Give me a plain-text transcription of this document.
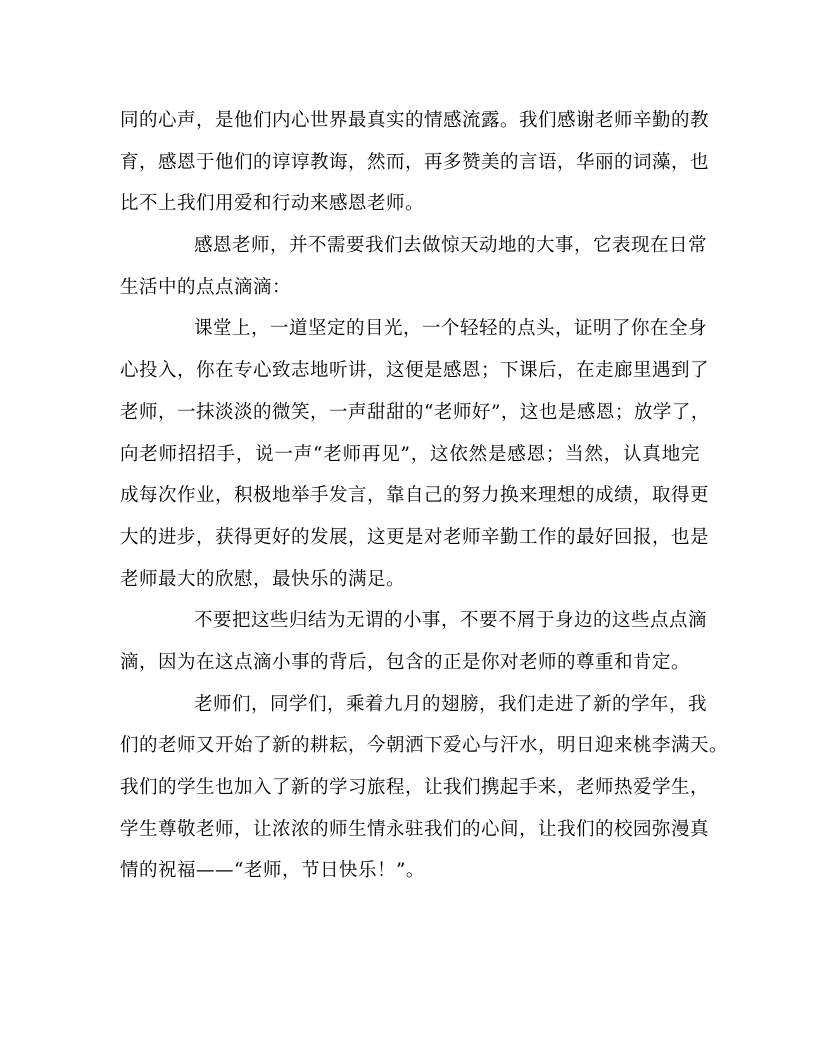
同的心声，是他们内心世界最真实的情感流露。我们感谢老师辛勤的教
育，感恩于他们的谆谆教诲，然而，再多赞美的言语，华丽的词藻，也
比不上我们用爱和行动来感恩老师。
感恩老师，并不需要我们去做惊天动地的大事，它表现在日常
生活中的点点滴滴：
课堂上，一道坚定的目光，一个轻轻的点头，证明了你在全身
心投入，你在专心致志地听讲，这便是感恩；下课后，在走廊里遇到了
老师，一抹淡淡的微笑，一声甜甜的“老师好”，这也是感恩；放学了，
向老师招招手，说一声“老师再见”，这依然是感恩；当然，认真地完
成每次作业，积极地举手发言，靠自己的努力换来理想的成绩，取得更
大的进步，获得更好的发展，这更是对老师辛勤工作的最好回报，也是
老师最大的欣慰，最快乐的满足。
不要把这些归结为无谓的小事，不要不屑于身边的这些点点滴
滴，因为在这点滴小事的背后，包含的正是你对老师的尊重和肯定。
老师们，同学们，乘着九月的翅膀，我们走进了新的学年，我
们的老师又开始了新的耕耘，今朝洒下爱心与汗水，明日迎来桃李满天。
我们的学生也加入了新的学习旅程，让我们携起手来，老师热爱学生，
学生尊敬老师，让浓浓的师生情永驻我们的心间，让我们的校园弥漫真
情的祝福——“老师，节日快乐！”。
